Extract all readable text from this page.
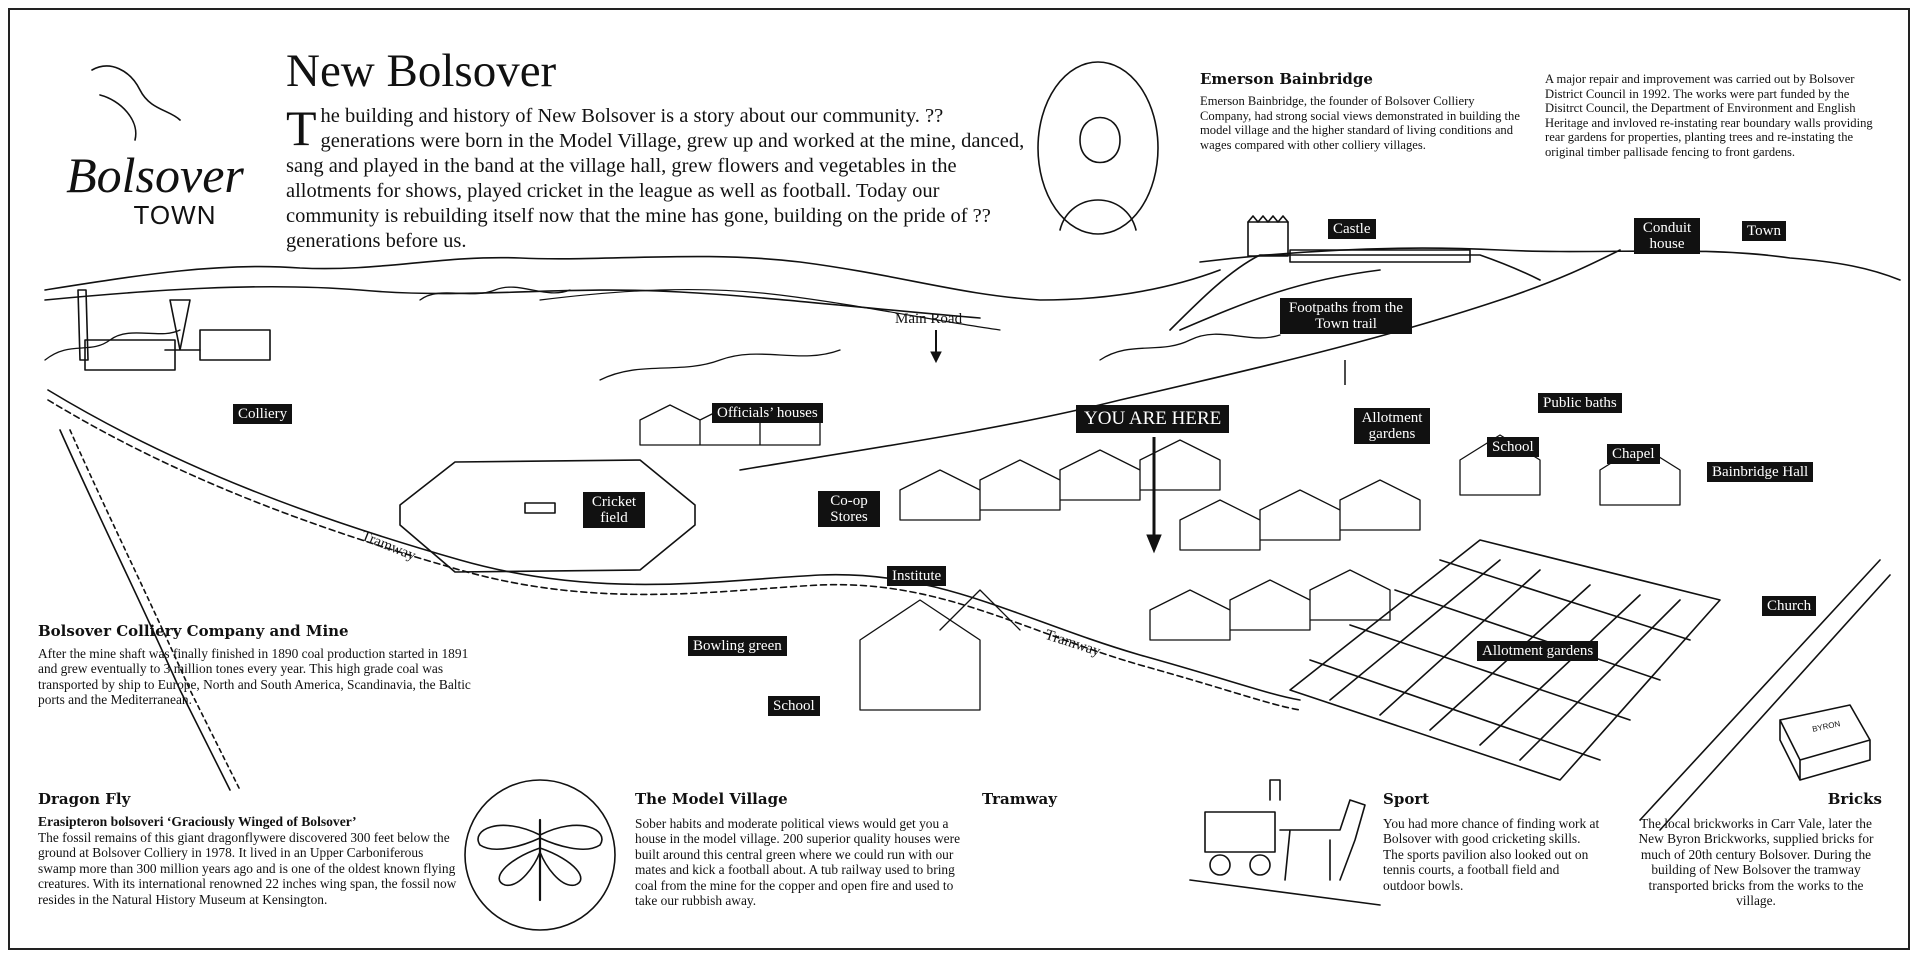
Bolsover
TOWN
New Bolsover
The building and history of New Bolsover is a story about our community. ?? generations were born in the Model Village, grew up and worked at the mine, danced, sang and played in the band at the village hall, grew flowers and vegetables in the allotments for shows, played cricket in the league as well as football. Today our community is rebuilding itself now that the mine has gone, building on the pride of ?? generations before us.
Emerson Bainbridge
Emerson Bainbridge, the founder of Bolsover Colliery Company, had strong social views demonstrated in building the model village and the higher standard of living conditions and wages compared with other colliery villages.
A major repair and improvement was carried out by Bolsover District Council in 1992. The works were part funded by the Disitrct Council, the Department of Environment and English Heritage and invloved re-instating rear boundary walls providing rear gardens for properties, planting trees and re-instating the original timber pallisade fencing to front gardens.
Castle	Conduit house
Town
Footpaths from the Town trail
Main Road
Colliery	Officials’ houses	YOU ARE HERE	Allotment gardens
Public baths
School	Chapel
Bainbridge Hall
Cricket field
Co-op Stores
Tramway
Institute
Tramway
Church
Bowling green	Allotment gardens
School
Bolsover Colliery Company and Mine
After the mine shaft was finally finished in 1890 coal production started in 1891 and grew eventually to 3 million tones every year. This high grade coal was transported by ship to Europe, North and South America, Scandinavia, the Baltic ports and the Mediterranean.
Dragon Fly
Erasipteron bolsoveri ‘Graciously Winged of Bolsover’
The fossil remains of this giant dragonflywere discovered 300 feet below the ground at Bolsover Colliery in 1978. It lived in an Upper Carboniferous swamp more than 300 million years ago and is one of the oldest known flying creatures. With its international renowned 22 inches wing span, the fossil now resides in the Natural History Museum at Kensington.
The Model Village
Sober habits and moderate political views would get you a house in the model village. 200 superior quality houses were built around this central green where we could run with our mates and kick a football about. A tub railway used to bring coal from the mine for the copper and open fire and used to take our rubbish away.
Tramway	Sport
You had more chance of finding work at Bolsover with good cricketing skills. The sports pavilion also looked out on tennis courts, a football field and outdoor bowls.
Bricks
The local brickworks in Carr Vale, later the New Byron Brickworks, supplied bricks for much of 20th century Bolsover. During the building of New Bolsover the tramway transported bricks from the works to the village.
BYRON
